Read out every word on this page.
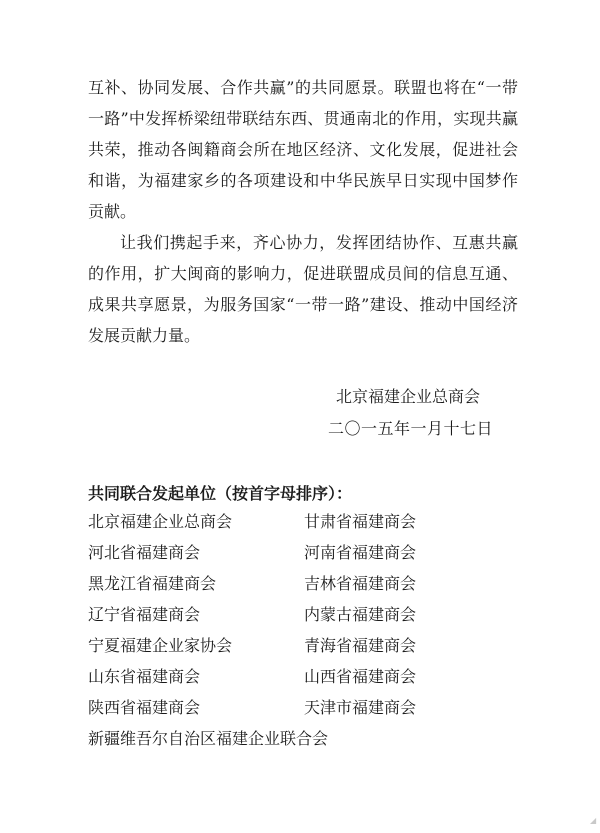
互补、协同发展、合作共赢”的共同愿景。联盟也将在“一带一路”中发挥桥梁纽带联结东西、贯通南北的作用，实现共赢共荣，推动各闽籍商会所在地区经济、文化发展，促进社会和谐，为福建家乡的各项建设和中华民族早日实现中国梦作贡献。

让我们携起手来，齐心协力，发挥团结协作、互惠共赢的作用，扩大闽商的影响力，促进联盟成员间的信息互通、成果共享愿景，为服务国家“一带一路”建设、推动中国经济发展贡献力量。

北京福建企业总商会
二〇一五年一月十七日
共同联合发起单位（按首字母排序）：
北京福建企业总商会	甘肃省福建商会
河北省福建商会	河南省福建商会
黑龙江省福建商会	吉林省福建商会
辽宁省福建商会	内蒙古福建商会
宁夏福建企业家协会	青海省福建商会
山东省福建商会	山西省福建商会
陕西省福建商会	天津市福建商会
新疆维吾尔自治区福建企业联合会
◢
